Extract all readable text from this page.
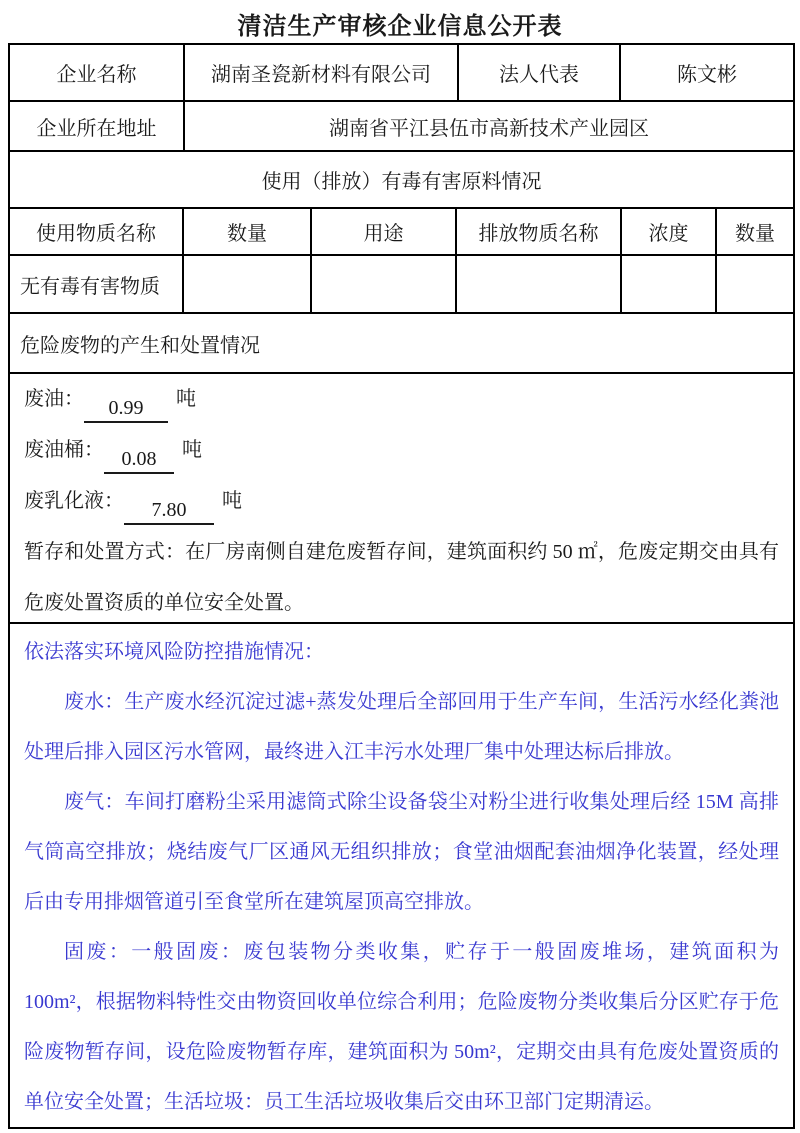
清洁生产审核企业信息公开表
企业名称	湖南圣瓷新材料有限公司	法人代表	陈文彬
企业所在地址	湖南省平江县伍市高新技术产业园区
使用（排放）有毒有害原料情况
使用物质名称	数量	用途	排放物质名称	浓度	数量
无有毒有害物质
危险废物的产生和处置情况
废油： 0.99 吨
废油桶： 0.08 吨
废乳化液： 7.80 吨

暂存和处置方式：在厂房南侧自建危废暂存间，建筑面积约 50 ㎡，危废定期交由具有危废处置资质的单位安全处置。

依法落实环境风险防控措施情况：

废水：生产废水经沉淀过滤+蒸发处理后全部回用于生产车间，生活污水经化粪池处理后排入园区污水管网，最终进入江丰污水处理厂集中处理达标后排放。

废气：车间打磨粉尘采用滤筒式除尘设备袋尘对粉尘进行收集处理后经 15M 高排气筒高空排放；烧结废气厂区通风无组织排放；食堂油烟配套油烟净化装置，经处理后由专用排烟管道引至食堂所在建筑屋顶高空排放。

固废：一般固废：废包装物分类收集，贮存于一般固废堆场，建筑面积为 100m²，根据物料特性交由物资回收单位综合利用；危险废物分类收集后分区贮存于危险废物暂存间，设危险废物暂存库，建筑面积为 50m²，定期交由具有危废处置资质的单位安全处置；生活垃圾：员工生活垃圾收集后交由环卫部门定期清运。
